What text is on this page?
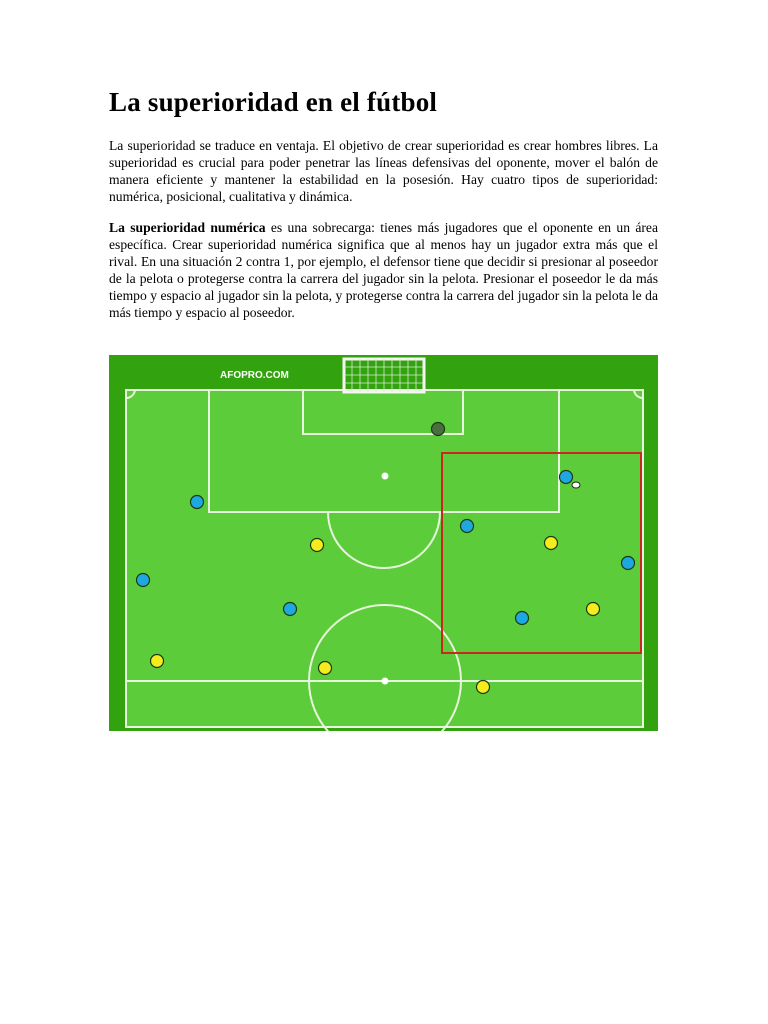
La superioridad en el fútbol

La superioridad se traduce en ventaja. El objetivo de crear superioridad es crear hombres libres. La superioridad es crucial para poder penetrar las líneas defensivas del oponente, mover el balón de manera eficiente y mantener la estabilidad en la posesión. Hay cuatro tipos de superioridad: numérica, posicional, cualitativa y dinámica.

La superioridad numérica es una sobrecarga: tienes más jugadores que el oponente en un área específica. Crear superioridad numérica significa que al menos hay un jugador extra más que el rival. En una situación 2 contra 1, por ejemplo, el defensor tiene que decidir si presionar al poseedor de la pelota o protegerse contra la carrera del jugador sin la pelota. Presionar el poseedor le da más tiempo y espacio al jugador sin la pelota, y protegerse contra la carrera del jugador sin la pelota le da más tiempo y espacio al poseedor.

AFOPRO.COM
